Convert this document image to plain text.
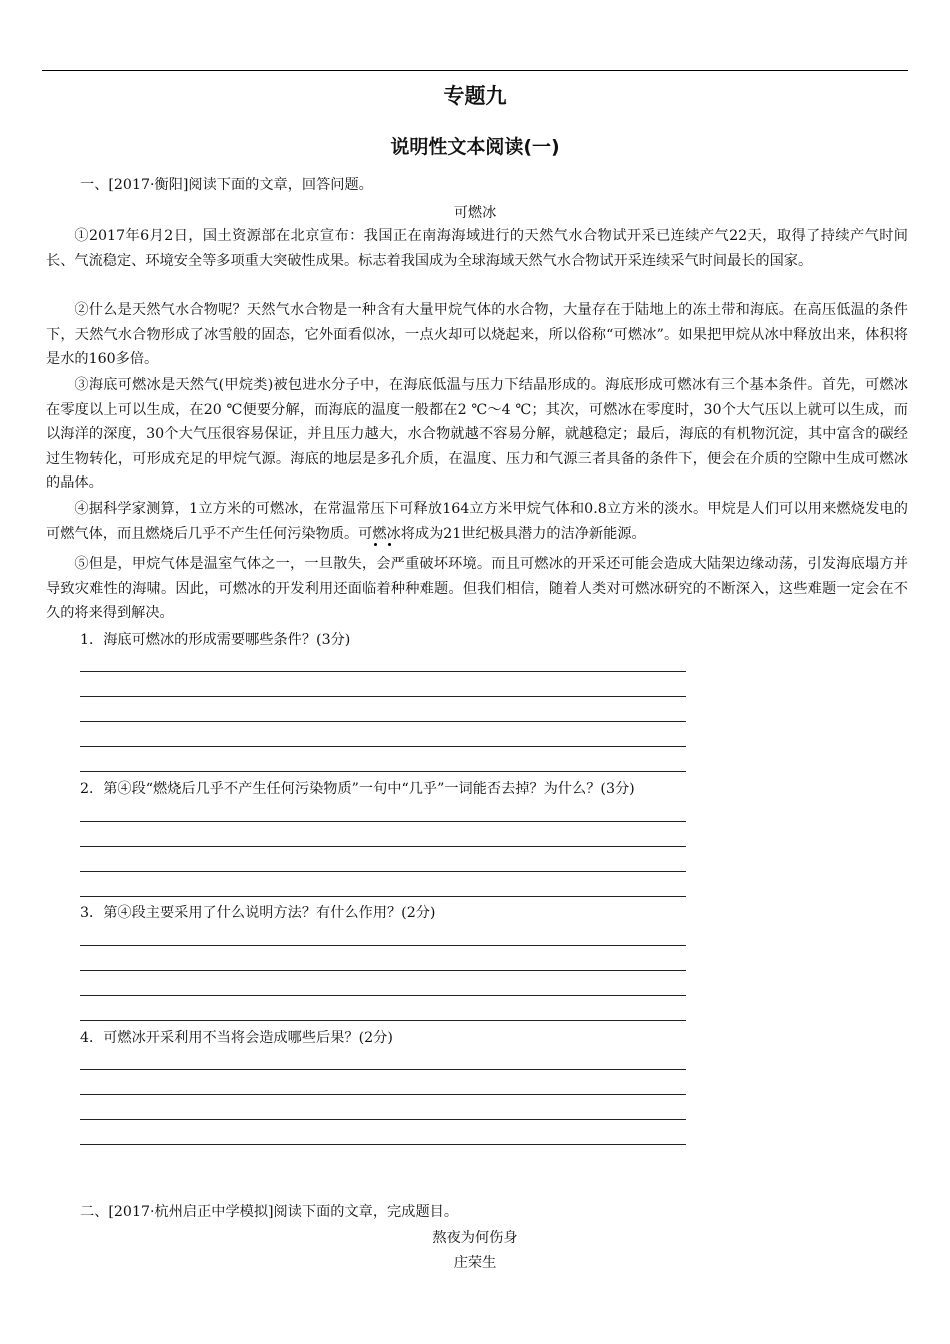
专题九
说明性文本阅读(一)
一、[2017·衡阳]阅读下面的文章，回答问题。
可燃冰

①2017年6月2日，国土资源部在北京宣布：我国正在南海海域进行的天然气水合物试开采已连续产气22天，取得了持续产气时间长、气流稳定、环境安全等多项重大突破性成果。标志着我国成为全球海域天然气水合物试开采连续采气时间最长的国家。

②什么是天然气水合物呢？天然气水合物是一种含有大量甲烷气体的水合物，大量存在于陆地上的冻土带和海底。在高压低温的条件下，天然气水合物形成了冰雪般的固态，它外面看似冰，一点火却可以烧起来，所以俗称“可燃冰”。如果把甲烷从冰中释放出来，体积将是水的160多倍。

③海底可燃冰是天然气(甲烷类)被包进水分子中，在海底低温与压力下结晶形成的。海底形成可燃冰有三个基本条件。首先，可燃冰在零度以上可以生成，在20 ℃便要分解，而海底的温度一般都在2 ℃～4 ℃；其次，可燃冰在零度时，30个大气压以上就可以生成，而以海洋的深度，30个大气压很容易保证，并且压力越大，水合物就越不容易分解，就越稳定；最后，海底的有机物沉淀，其中富含的碳经过生物转化，可形成充足的甲烷气源。海底的地层是多孔介质，在温度、压力和气源三者具备的条件下，便会在介质的空隙中生成可燃冰的晶体。

④据科学家测算，1立方米的可燃冰，在常温常压下可释放164立方米甲烷气体和0.8立方米的淡水。甲烷是人们可以用来燃烧发电的可燃气体，而且燃烧后几乎不产生任何污染物质。可燃冰将成为21世纪极具潜力的洁净新能源。

⑤但是，甲烷气体是温室气体之一，一旦散失，会严重破坏环境。而且可燃冰的开采还可能会造成大陆架边缘动荡，引发海底塌方并导致灾难性的海啸。因此，可燃冰的开发利用还面临着种种难题。但我们相信，随着人类对可燃冰研究的不断深入，这些难题一定会在不久的将来得到解决。

1．海底可燃冰的形成需要哪些条件？(3分)
2．第④段“燃烧后几乎不产生任何污染物质”一句中“几乎”一词能否去掉？为什么？(3分)
3．第④段主要采用了什么说明方法？有什么作用？(2分)
4．可燃冰开采利用不当将会造成哪些后果？(2分)
二、[2017·杭州启正中学模拟]阅读下面的文章，完成题目。
熬夜为何伤身
庄荣生
